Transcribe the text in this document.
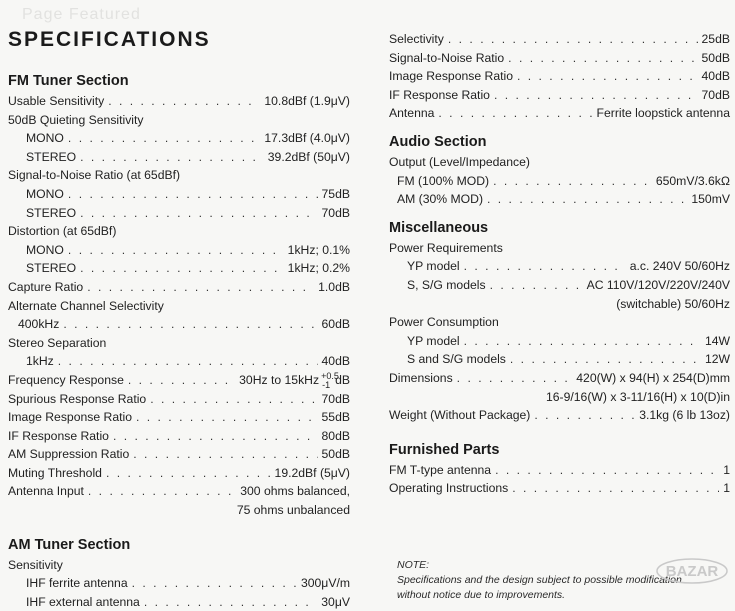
Page Featured
SPECIFICATIONS
FM Tuner Section
Usable Sensitivity . . .	10.8dBf (1.9μV)
50dB Quieting Sensitivity
MONO . . .	17.3dBf (4.0μV)
STEREO . . .	39.2dBf (50μV)
Signal-to-Noise Ratio (at 65dBf)
MONO . . .	75dB
STEREO . . .	70dB
Distortion (at 65dBf)
MONO . . .	1kHz; 0.1%
STEREO . . .	1kHz; 0.2%
Capture Ratio . . .	1.0dB
Alternate Channel Selectivity
400kHz . . .	60dB
Stereo Separation
1kHz . . .	40dB
Frequency Response . . .	30Hz to 15kHz +0.5
-1 dB
Spurious Response Ratio . . .	70dB
Image Response Ratio . . .	55dB
IF Response Ratio . . .	80dB
AM Suppression Ratio . . .	50dB
Muting Threshold . . .	19.2dBf (5μV)
Antenna Input . . .	300 ohms balanced,
75 ohms unbalanced
AM Tuner Section
Sensitivity
IHF ferrite antenna . . .	300μV/m
IHF external antenna . . .	30μV
Selectivity . . .	25dB
Signal-to-Noise Ratio . . .	50dB
Image Response Ratio . . .	40dB
IF Response Ratio . . .	70dB
Antenna . . .	Ferrite loopstick antenna
Audio Section
Output (Level/Impedance)
FM (100% MOD) . . .	650mV/3.6kΩ
AM (30% MOD) . . .	150mV
Miscellaneous
Power Requirements
YP model . . .	a.c. 240V 50/60Hz
S, S/G models . . .	AC 110V/120V/220V/240V
(switchable) 50/60Hz
Power Consumption
YP model . . .	14W
S and S/G models . . .	12W
Dimensions . . .	420(W) x 94(H) x 254(D)mm
16-9/16(W) x 3-11/16(H) x 10(D)in
Weight (Without Package) . . .	3.1kg (6 lb 13oz)
Furnished Parts
FM T-type antenna . . .	1
Operating Instructions . . .	1
NOTE:
Specifications and the design subject to possible modification
without notice due to improvements.
BAZAR
